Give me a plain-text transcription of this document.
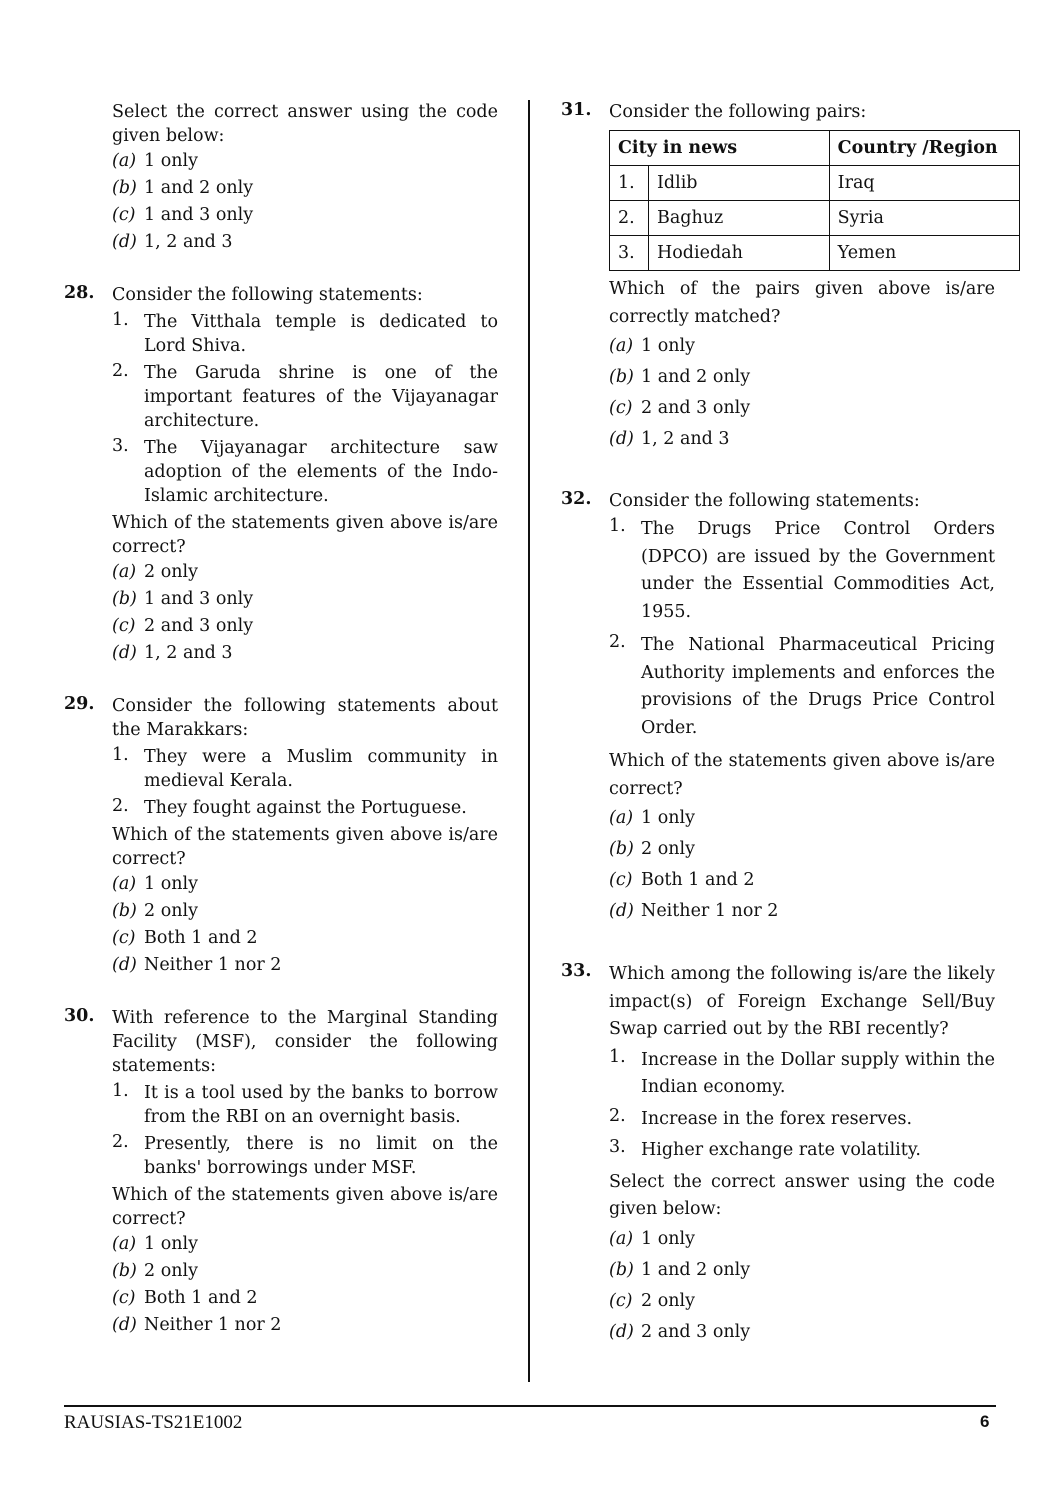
Select the correct answer using the code given below:
(a) 1 only
(b) 1 and 2 only
(c) 1 and 3 only
(d) 1, 2 and 3
28. Consider the following statements:
1. The Vitthala temple is dedicated to Lord Shiva.
2. The Garuda shrine is one of the important features of the Vijayanagar architecture.
3. The Vijayanagar architecture saw adoption of the elements of the Indo-Islamic architecture.
Which of the statements given above is/are correct?
(a) 2 only
(b) 1 and 3 only
(c) 2 and 3 only
(d) 1, 2 and 3
29. Consider the following statements about the Marakkars:
1. They were a Muslim community in medieval Kerala.
2. They fought against the Portuguese.
Which of the statements given above is/are correct?
(a) 1 only
(b) 2 only
(c) Both 1 and 2
(d) Neither 1 nor 2
30. With reference to the Marginal Standing Facility (MSF), consider the following statements:
1. It is a tool used by the banks to borrow from the RBI on an overnight basis.
2. Presently, there is no limit on the banks' borrowings under MSF.
Which of the statements given above is/are correct?
(a) 1 only
(b) 2 only
(c) Both 1 and 2
(d) Neither 1 nor 2
31. Consider the following pairs:
City in news		Country /Region
1.	Idlib	Iraq
2.	Baghuz	Syria
3.	Hodiedah	Yemen
Which of the pairs given above is/are correctly matched?
(a) 1 only
(b) 1 and 2 only
(c) 2 and 3 only
(d) 1, 2 and 3
32. Consider the following statements:
1. The Drugs Price Control Orders (DPCO) are issued by the Government under the Essential Commodities Act, 1955.
2. The National Pharmaceutical Pricing Authority implements and enforces the provisions of the Drugs Price Control Order.
Which of the statements given above is/are correct?
(a) 1 only
(b) 2 only
(c) Both 1 and 2
(d) Neither 1 nor 2
33. Which among the following is/are the likely impact(s) of Foreign Exchange Sell/Buy Swap carried out by the RBI recently?
1. Increase in the Dollar supply within the Indian economy.
2. Increase in the forex reserves.
3. Higher exchange rate volatility.
Select the correct answer using the code given below:
(a) 1 only
(b) 1 and 2 only
(c) 2 only
(d) 2 and 3 only
RAUSIAS-TS21E1002	6
